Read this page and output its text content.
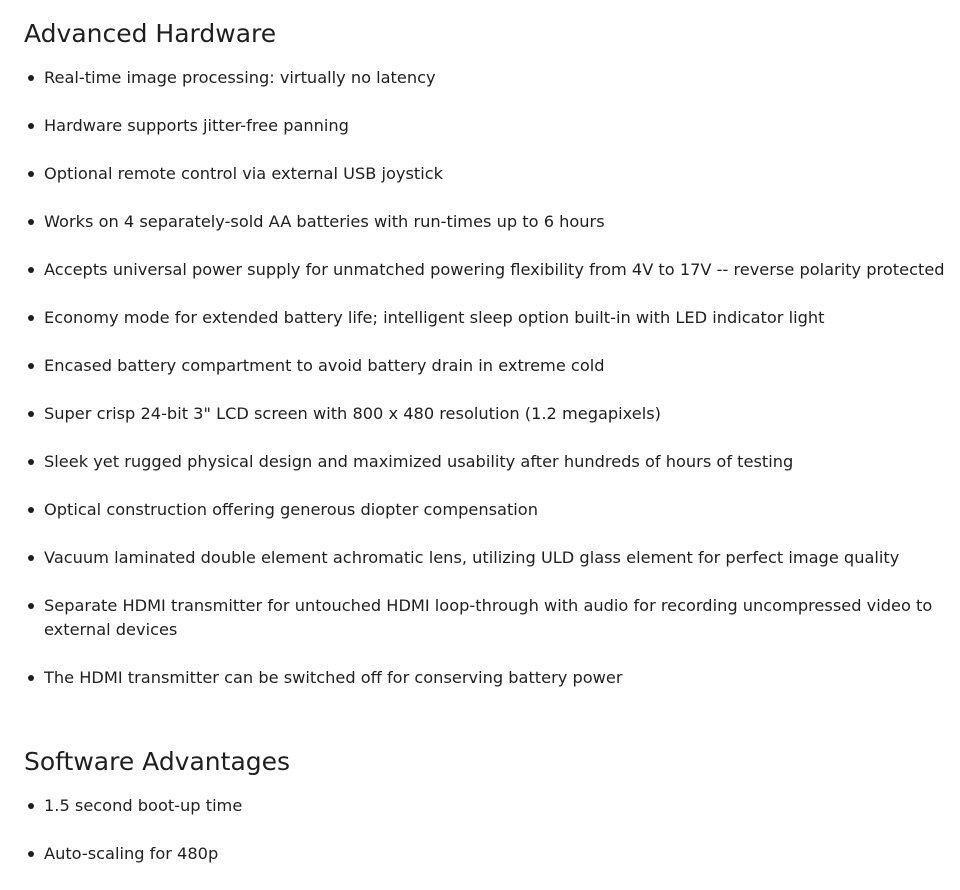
Advanced Hardware
Real-time image processing: virtually no latency
Hardware supports jitter-free panning
Optional remote control via external USB joystick
Works on 4 separately-sold AA batteries with run-times up to 6 hours
Accepts universal power supply for unmatched powering flexibility from 4V to 17V -- reverse polarity protected
Economy mode for extended battery life; intelligent sleep option built-in with LED indicator light
Encased battery compartment to avoid battery drain in extreme cold
Super crisp 24-bit 3" LCD screen with 800 x 480 resolution (1.2 megapixels)
Sleek yet rugged physical design and maximized usability after hundreds of hours of testing
Optical construction offering generous diopter compensation
Vacuum laminated double element achromatic lens, utilizing ULD glass element for perfect image quality
Separate HDMI transmitter for untouched HDMI loop-through with audio for recording uncompressed video to external devices
The HDMI transmitter can be switched off for conserving battery power
Software Advantages
1.5 second boot-up time
Auto-scaling for 480p
